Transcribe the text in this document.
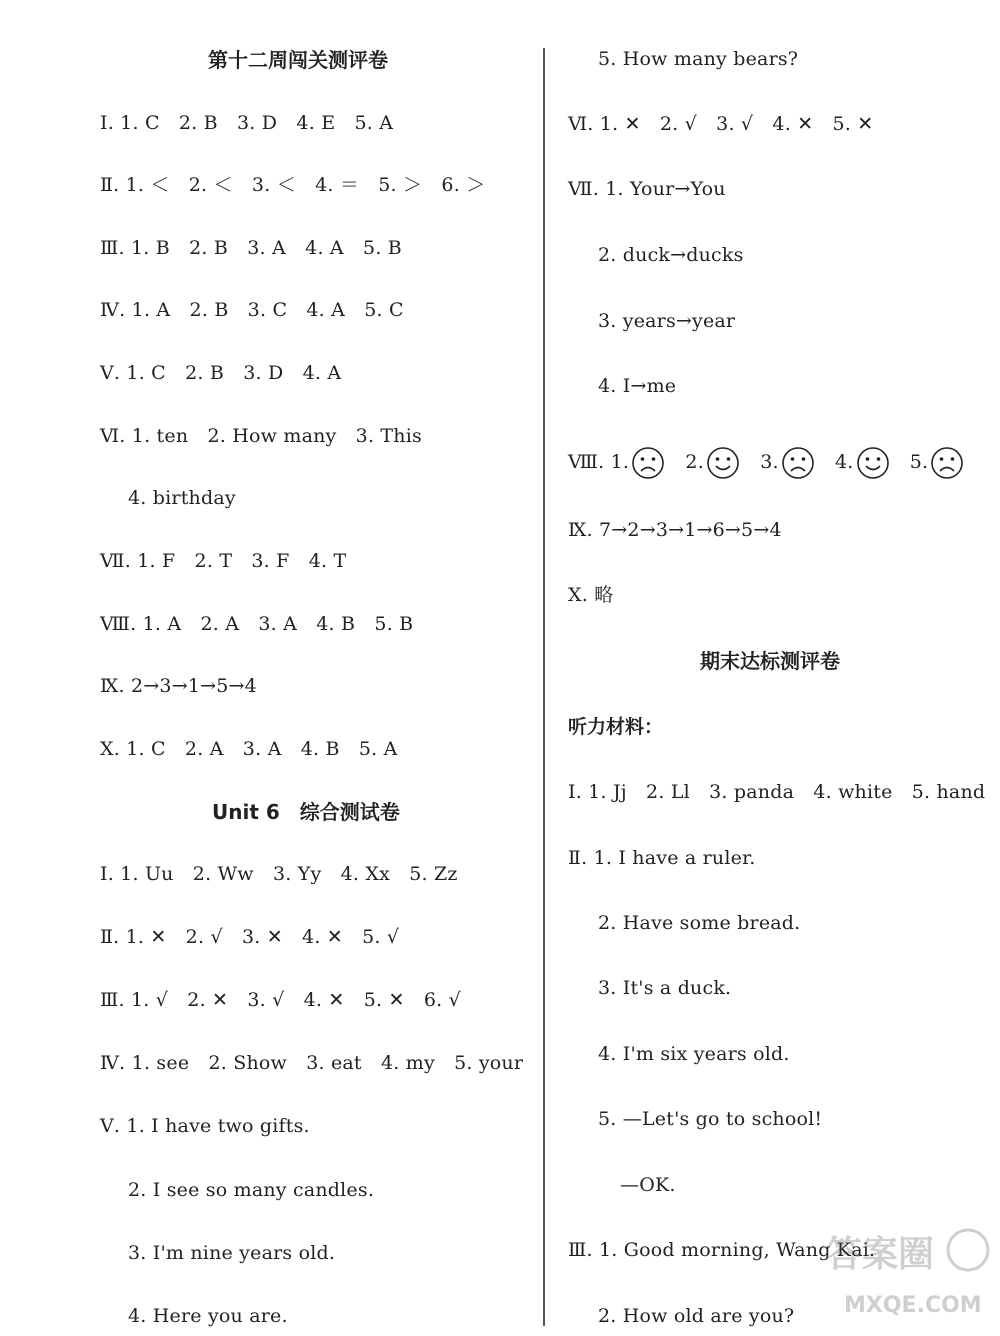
第十二周闯关测评卷
Ⅰ. 1. C　2. B　3. D　4. E　5. A
Ⅱ. 1. ＜　2. ＜　3. ＜　4. ＝　5. ＞　6. ＞
Ⅲ. 1. B　2. B　3. A　4. A　5. B
Ⅳ. 1. A　2. B　3. C　4. A　5. C
Ⅴ. 1. C　2. B　3. D　4. A
Ⅵ. 1. ten　2. How many　3. This
4. birthday
Ⅶ. 1. F　2. T　3. F　4. T
Ⅷ. 1. A　2. A　3. A　4. B　5. B
Ⅸ. 2→3→1→5→4
Ⅹ. 1. C　2. A　3. A　4. B　5. A
Unit 6　综合测试卷
Ⅰ. 1. Uu　2. Ww　3. Yy　4. Xx　5. Zz
Ⅱ. 1. ✕　2. √　3. ✕　4. ✕　5. √
Ⅲ. 1. √　2. ✕　3. √　4. ✕　5. ✕　6. √
Ⅳ. 1. see　2. Show　3. eat　4. my　5. your
Ⅴ. 1. I have two gifts.
2. I see so many candles.
3. I'm nine years old.
4. Here you are.
5. How many bears?
Ⅵ. 1. ✕　2. √　3. √　4. ✕　5. ✕
Ⅶ. 1. Your→You
2. duck→ducks
3. years→year
4. I→me
Ⅷ. 1.	2.	3.	4.	5.
Ⅸ. 7→2→3→1→6→5→4
Ⅹ. 略
期末达标测评卷
听力材料：
Ⅰ. 1. Jj　2. Ll　3. panda　4. white　5. hand
Ⅱ. 1. I have a ruler.
2. Have some bread.
3. It's a duck.
4. I'm six years old.
5. —Let's go to school!
—OK.
Ⅲ. 1. Good morning, Wang Kai.
2. How old are you?
答案圈
MXQE.COM
